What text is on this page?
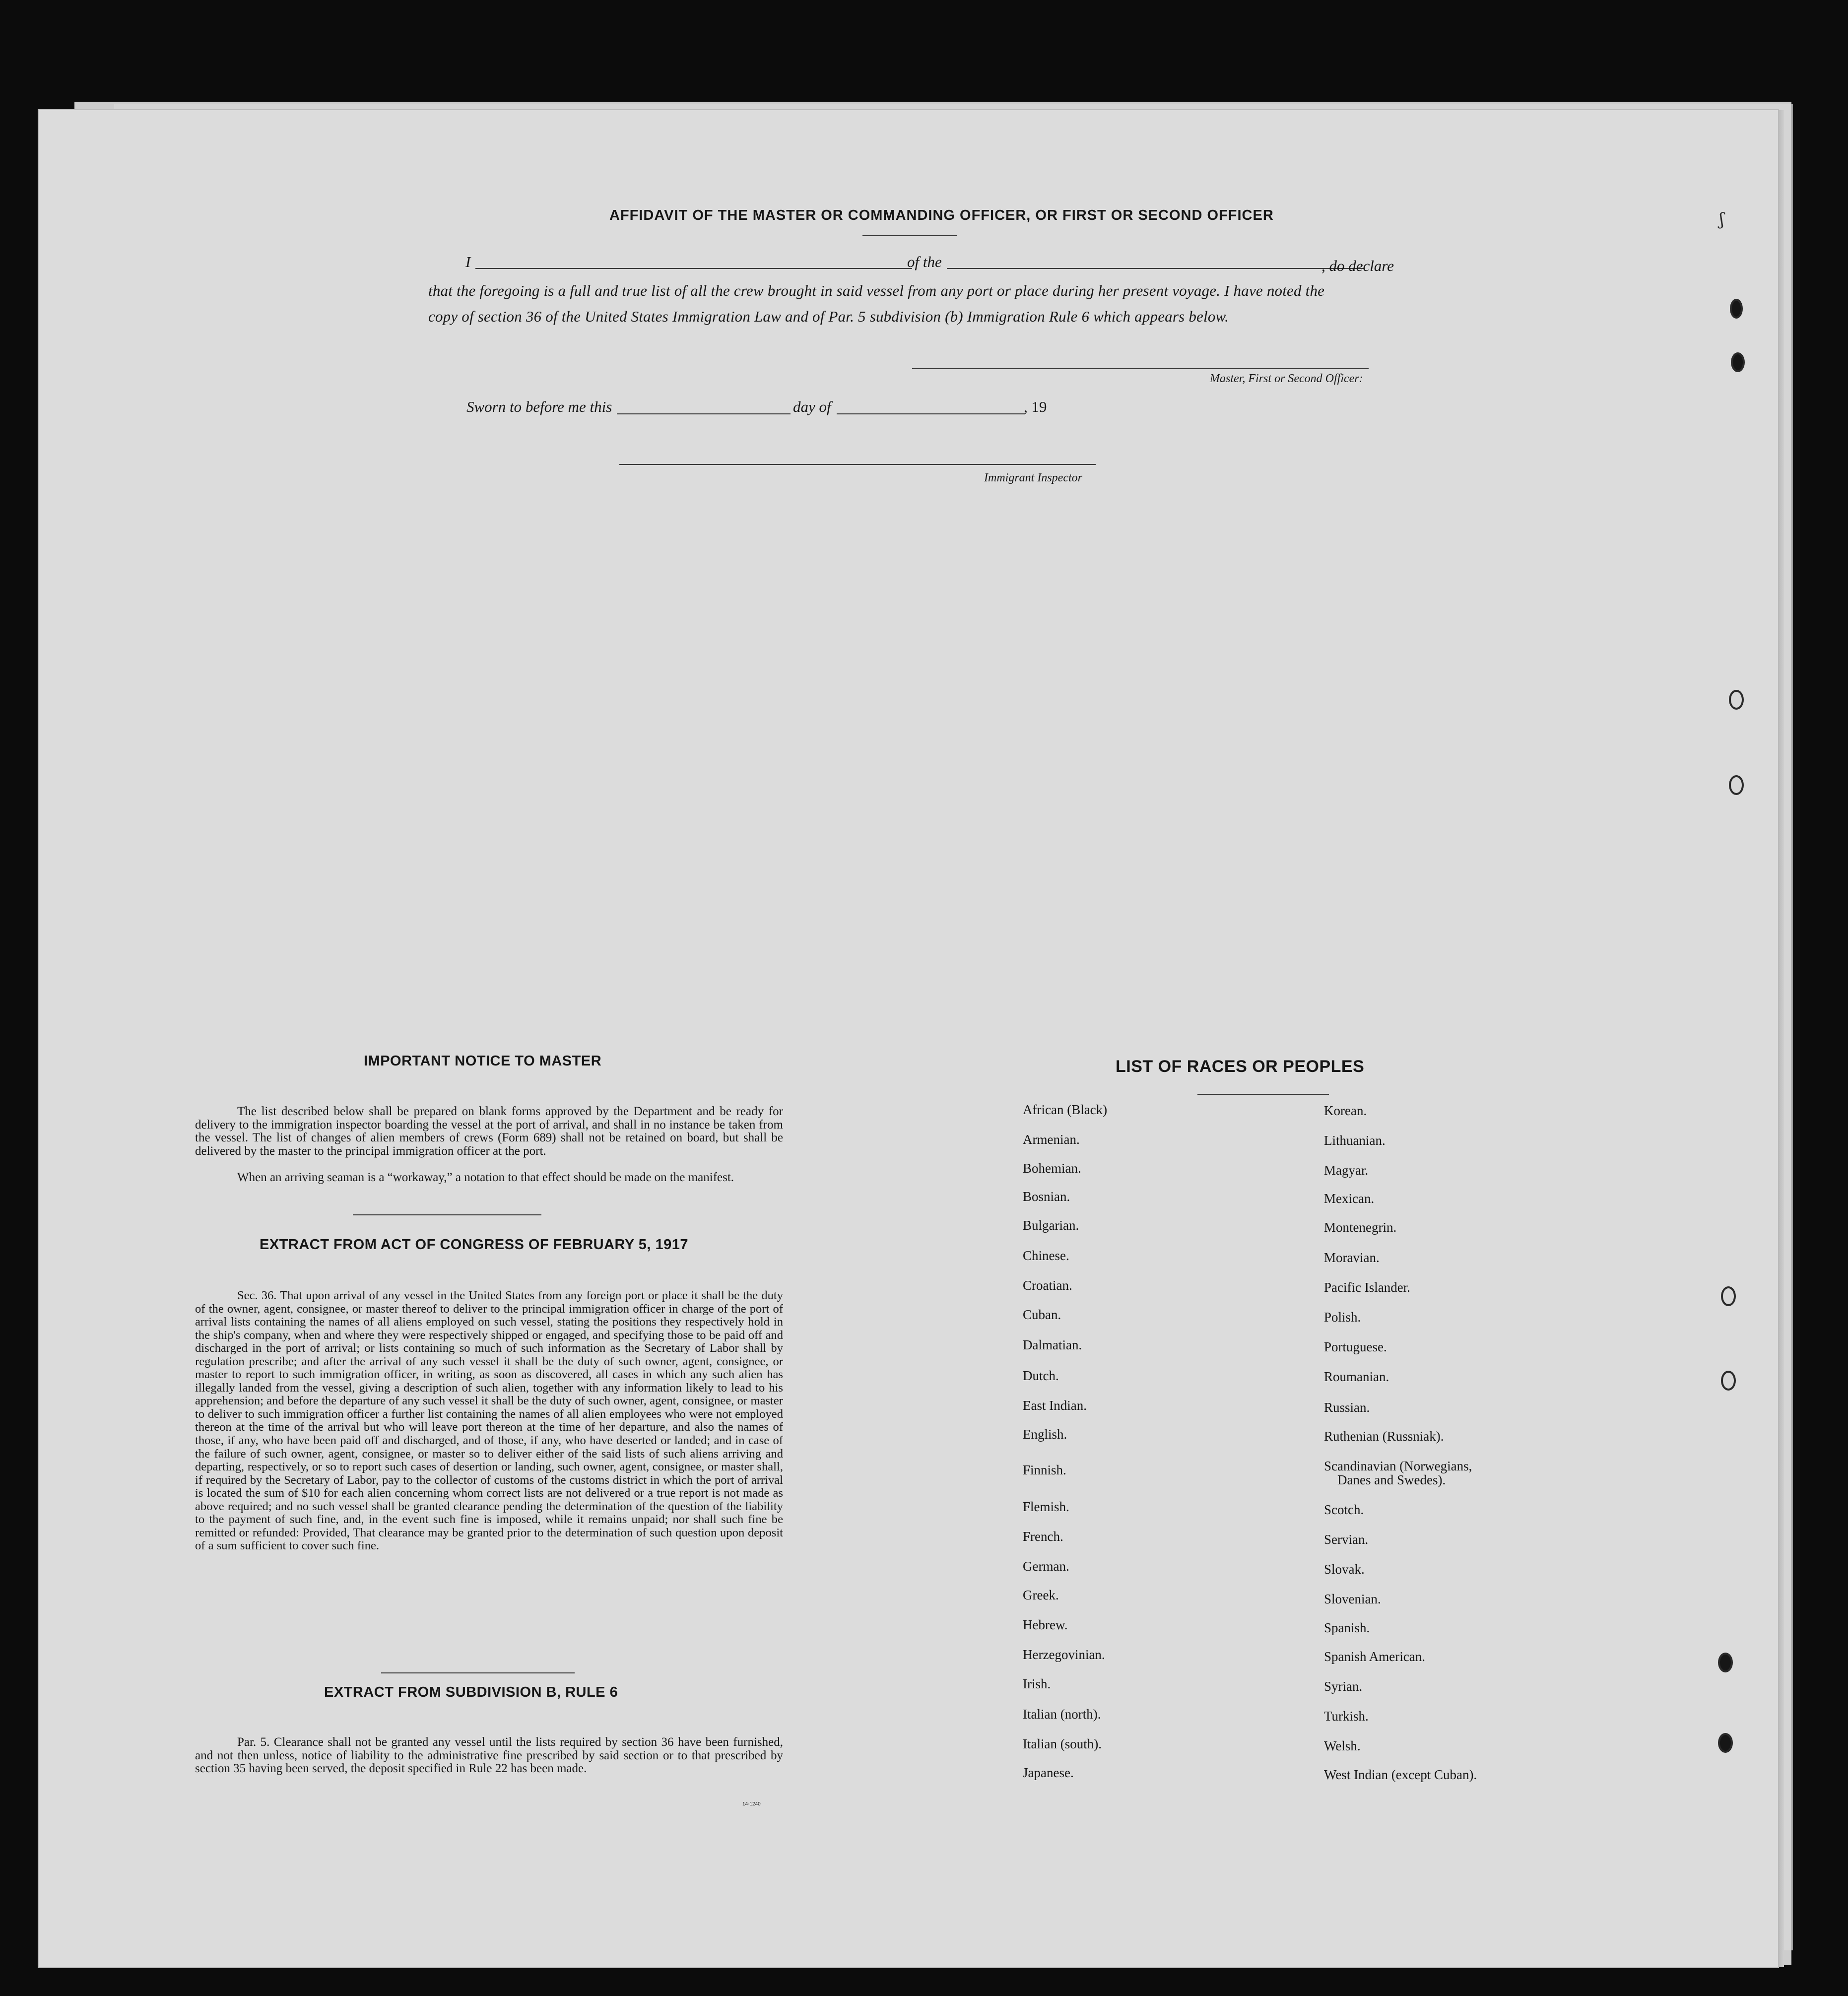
AFFIDAVIT OF THE MASTER OR COMMANDING OFFICER, OR FIRST OR SECOND OFFICER
I	of the	, do declare
that the foregoing is a full and true list of all the crew brought in said vessel from any port or place during her present voyage. I have noted the
copy of section 36 of the United States Immigration Law and of Par. 5 subdivision (b) Immigration Rule 6 which appears below.
Master, First or Second Officer:
Sworn to before me this	day of	, 19
Immigrant Inspector
IMPORTANT NOTICE TO MASTER

The list described below shall be prepared on blank forms approved by the Department and be ready for delivery to the immigration inspector boarding the vessel at the port of arrival, and shall in no instance be taken from the vessel. The list of changes of alien members of crews (Form 689) shall not be retained on board, but shall be delivered by the master to the principal immigration officer at the port.

When an arriving seaman is a “workaway,” a notation to that effect should be made on the manifest.

EXTRACT FROM ACT OF CONGRESS OF FEBRUARY 5, 1917

Sec. 36. That upon arrival of any vessel in the United States from any foreign port or place it shall be the duty of the owner, agent, consignee, or master thereof to deliver to the principal immigration officer in charge of the port of arrival lists containing the names of all aliens employed on such vessel, stating the positions they respectively hold in the ship's company, when and where they were respectively shipped or engaged, and specifying those to be paid off and discharged in the port of arrival; or lists containing so much of such information as the Secretary of Labor shall by regulation prescribe; and after the arrival of any such vessel it shall be the duty of such owner, agent, consignee, or master to report to such immigration officer, in writing, as soon as discovered, all cases in which any such alien has illegally landed from the vessel, giving a description of such alien, together with any information likely to lead to his apprehension; and before the departure of any such vessel it shall be the duty of such owner, agent, consignee, or master to deliver to such immigration officer a further list containing the names of all alien employees who were not employed thereon at the time of the arrival but who will leave port thereon at the time of her departure, and also the names of those, if any, who have been paid off and discharged, and of those, if any, who have deserted or landed; and in case of the failure of such owner, agent, consignee, or master so to deliver either of the said lists of such aliens arriving and departing, respectively, or so to report such cases of desertion or landing, such owner, agent, consignee, or master shall, if required by the Secretary of Labor, pay to the collector of customs of the customs district in which the port of arrival is located the sum of $10 for each alien concerning whom correct lists are not delivered or a true report is not made as above required; and no such vessel shall be granted clearance pending the determination of the question of the liability to the payment of such fine, and, in the event such fine is imposed, while it remains unpaid; nor shall such fine be remitted or refunded: Provided, That clearance may be granted prior to the determination of such question upon deposit of a sum sufficient to cover such fine.

EXTRACT FROM SUBDIVISION B, RULE 6

Par. 5. Clearance shall not be granted any vessel until the lists required by section 36 have been furnished, and not then unless, notice of liability to the administrative fine prescribed by said section or to that prescribed by section 35 having been served, the deposit specified in Rule 22 has been made.

14-1240
LIST OF RACES OR PEOPLES
African (Black)
Armenian.
Bohemian.
Bosnian.
Bulgarian.
Chinese.
Croatian.
Cuban.
Dalmatian.
Dutch.
East Indian.
English.
Finnish.
Flemish.
French.
German.
Greek.
Hebrew.
Herzegovinian.
Irish.
Italian (north).
Italian (south).
Japanese.
Korean.
Lithuanian.
Magyar.
Mexican.
Montenegrin.
Moravian.
Pacific Islander.
Polish.
Portuguese.
Roumanian.
Russian.
Ruthenian (Russniak).
Scandinavian (Norwegians,
Danes and Swedes).
Scotch.
Servian.
Slovak.
Slovenian.
Spanish.
Spanish American.
Syrian.
Turkish.
Welsh.
West Indian (except Cuban).
ʃ
